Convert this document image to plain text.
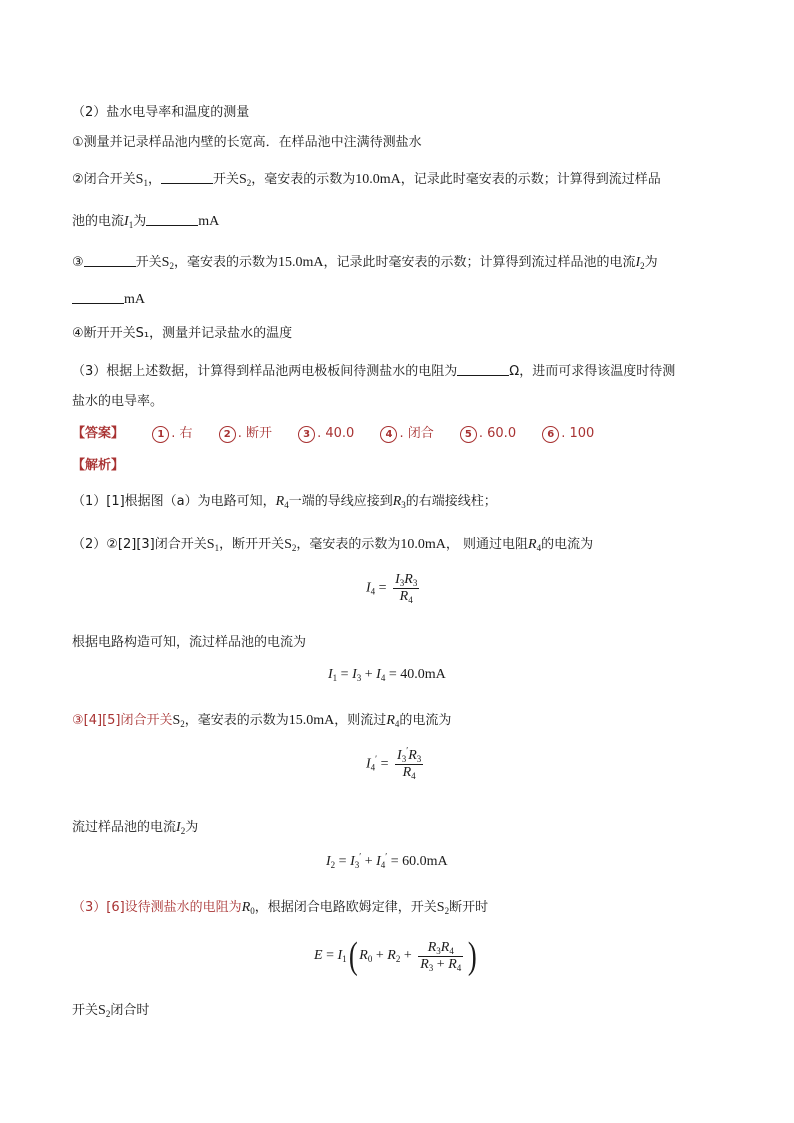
（2）盐水电导率和温度的测量
①测量并记录样品池内壁的长宽高．在样品池中注满待测盐水
②闭合开关$S_1$，	开关$S_2$，毫安表的示数为10.0mA，记录此时毫安表的示数；计算得到流过样品
池的电流$I_1$为	mA
③	开关$S_2$，毫安表的示数为15.0mA，记录此时毫安表的示数；计算得到流过样品池的电流$I_2$为
mA
④断开开关S₁，测量并记录盐水的温度
（3）根据上述数据，计算得到样品池两电极板间待测盐水的电阻为	Ω，进而可求得该温度时待测
盐水的电导率。
【答案】	1 . 右	2 . 断开	3 . 40.0	4 . 闭合	5 . 60.0	6 . 100
【解析】
（1）[1]根据图（a）为电路可知，$R_4$一端的导线应接到$R_3$的右端接线柱；
（2）②[2][3]闭合开关$S_1$，断开开关$S_2$，毫安表的示数为10.0mA， 则通过电阻$R_4$的电流为
$I_4 = \frac{I_3R_3}{R_4}$
根据电路构造可知，流过样品池的电流为
$I_1 = I_3 + I_4 = 40.0mA$
③[4][5]闭合开关$S_2$，毫安表的示数为15.0mA，则流过$R_4$的电流为
$I_4' = \frac{I_3'R_3}{R_4}$
流过样品池的电流$I_2$为
$I_2 = I_3' + I_4' = 60.0mA$
（3）[6]设待测盐水的电阻为$R_0$，根据闭合电路欧姆定律，开关$S_2$断开时
$E = I_1$( $R_0 + R_2 + \frac{R_3R_4}{R_3 + R_4}$ )
开关$S_2$闭合时
